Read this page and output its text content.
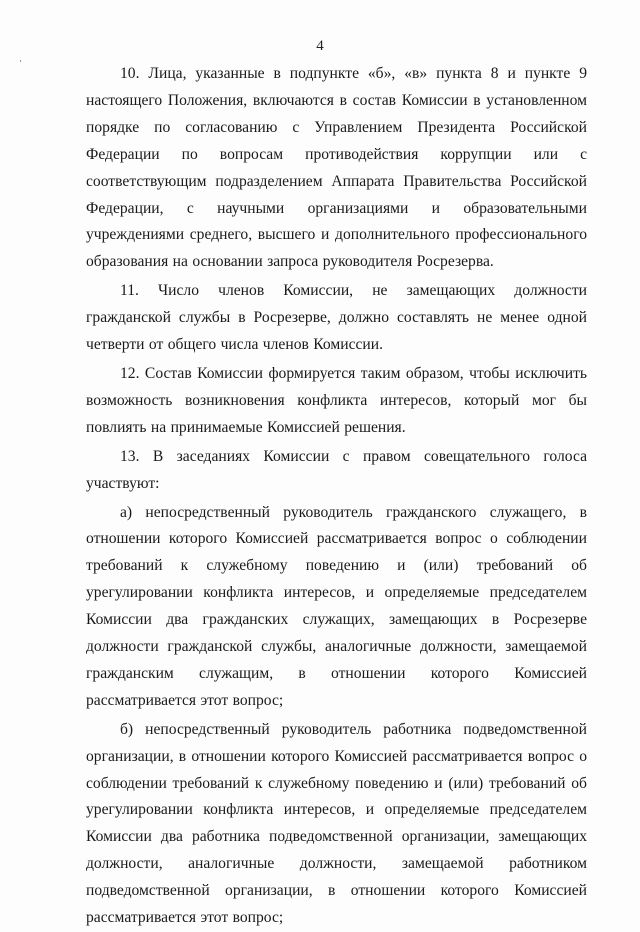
4

10. Лица, указанные в подпункте «б», «в» пункта 8 и пункте 9 настоящего Положения, включаются в состав Комиссии в установленном порядке по согласованию с Управлением Президента Российской Федерации по вопросам противодействия коррупции или с соответствующим подразделением Аппарата Правительства Российской Федерации, с научными организациями и образовательными учреждениями среднего, высшего и дополнительного профессионального образования на основании запроса руководителя Росрезерва.

11. Число членов Комиссии, не замещающих должности гражданской службы в Росрезерве, должно составлять не менее одной четверти от общего числа членов Комиссии.

12. Состав Комиссии формируется таким образом, чтобы исключить возможность возникновения конфликта интересов, который мог бы повлиять на принимаемые Комиссией решения.

13. В заседаниях Комиссии с правом совещательного голоса участвуют:

а) непосредственный руководитель гражданского служащего, в отношении которого Комиссией рассматривается вопрос о соблюдении требований к служебному поведению и (или) требований об урегулировании конфликта интересов, и определяемые председателем Комиссии два гражданских служащих, замещающих в Росрезерве должности гражданской службы, аналогичные должности, замещаемой гражданским служащим, в отношении которого Комиссией рассматривается этот вопрос;

б) непосредственный руководитель работника подведомственной организации, в отношении которого Комиссией рассматривается вопрос о соблюдении требований к служебному поведению и (или) требований об урегулировании конфликта интересов, и определяемые председателем Комиссии два работника подведомственной организации, замещающих должности, аналогичные должности, замещаемой работником подведомственной организации, в отношении которого Комиссией рассматривается этот вопрос;
